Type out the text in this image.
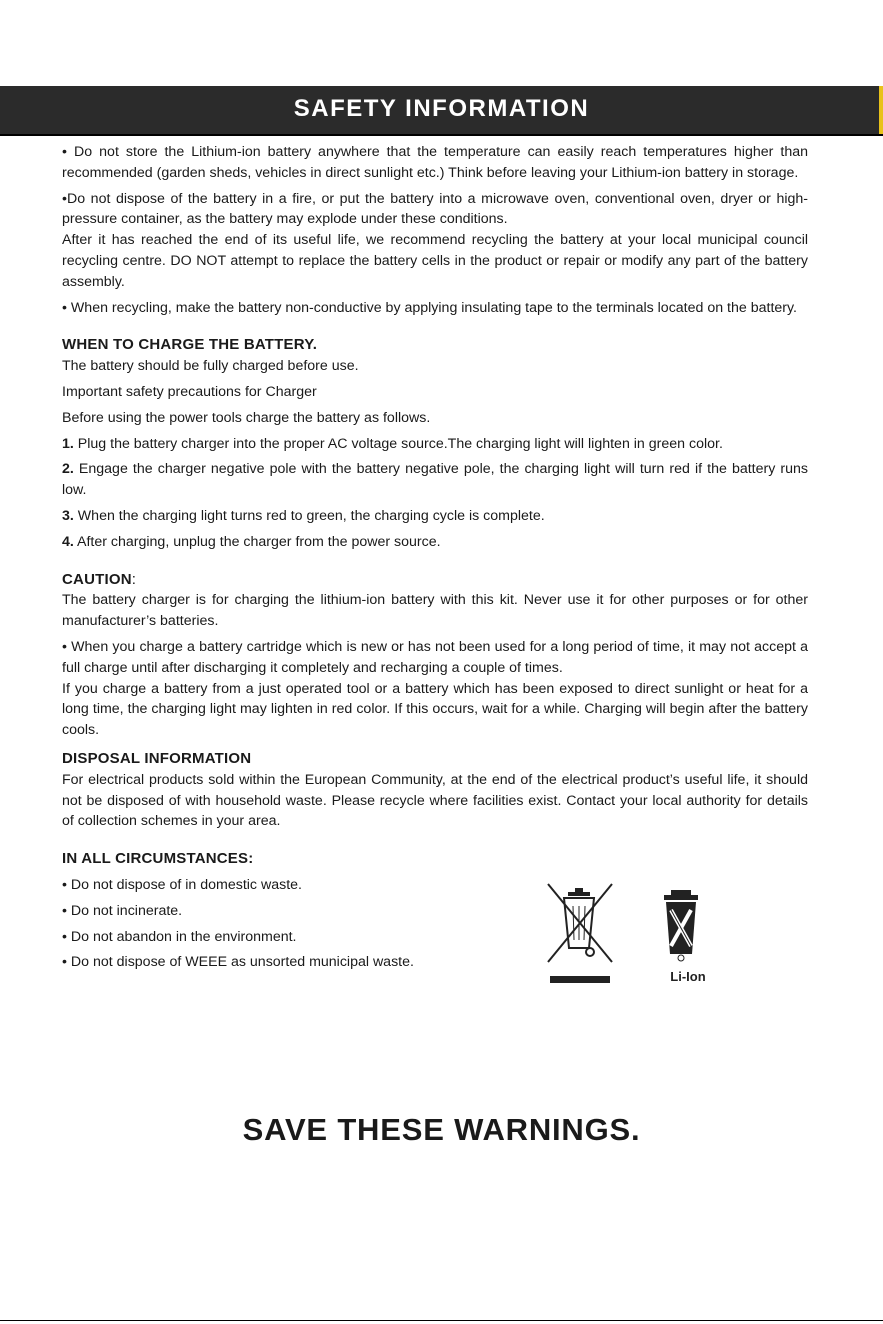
SAFETY INFORMATION

• Do not store the Lithium-ion battery anywhere that the temperature can easily reach temperatures higher than recommended (garden sheds, vehicles in direct sunlight etc.) Think before leaving your Lithium-ion battery in storage.

•Do not dispose of the battery in a fire, or put the battery into a microwave oven, conventional oven, dryer or high-pressure container, as the battery may explode under these conditions.

After it has reached the end of its useful life, we recommend recycling the battery at your local municipal council recycling centre. DO NOT attempt to replace the battery cells in the product or repair or modify any part of the battery assembly.

• When recycling, make the battery non-conductive by applying insulating tape to the terminals located on the battery.

WHEN TO CHARGE THE BATTERY.

The battery should be fully charged before use.

Important safety precautions for Charger

Before using the power tools charge the battery as follows.

1. Plug the battery charger into the proper AC voltage source.The charging light will lighten in green color.

2. Engage the charger negative pole with the battery negative pole, the charging light will turn red if the battery runs low.

3. When the charging light turns red to green, the charging cycle is complete.

4. After charging, unplug the charger from the power source.

CAUTION:

The battery charger is for charging the lithium-ion battery with this kit. Never use it for other purposes or for other manufacturer’s batteries.

• When you charge a battery cartridge which is new or has not been used for a long period of time, it may not accept a full charge until after discharging it completely and recharging a couple of times.

If you charge a battery from a just operated tool or a battery which has been exposed to direct sunlight or heat for a long time, the charging light may lighten in red color. If this occurs, wait for a while. Charging will begin after the battery cools.

DISPOSAL INFORMATION

For electrical products sold within the European Community, at the end of the electrical product’s useful life, it should not be disposed of with household waste. Please recycle where facilities exist. Contact your local authority for details of collection schemes in your area.

IN ALL CIRCUMSTANCES:

• Do not dispose of in domestic waste.

• Do not incinerate.

• Do not abandon in the environment.

• Do not dispose of WEEE as unsorted municipal waste.

Li-Ion
SAVE THESE WARNINGS.
